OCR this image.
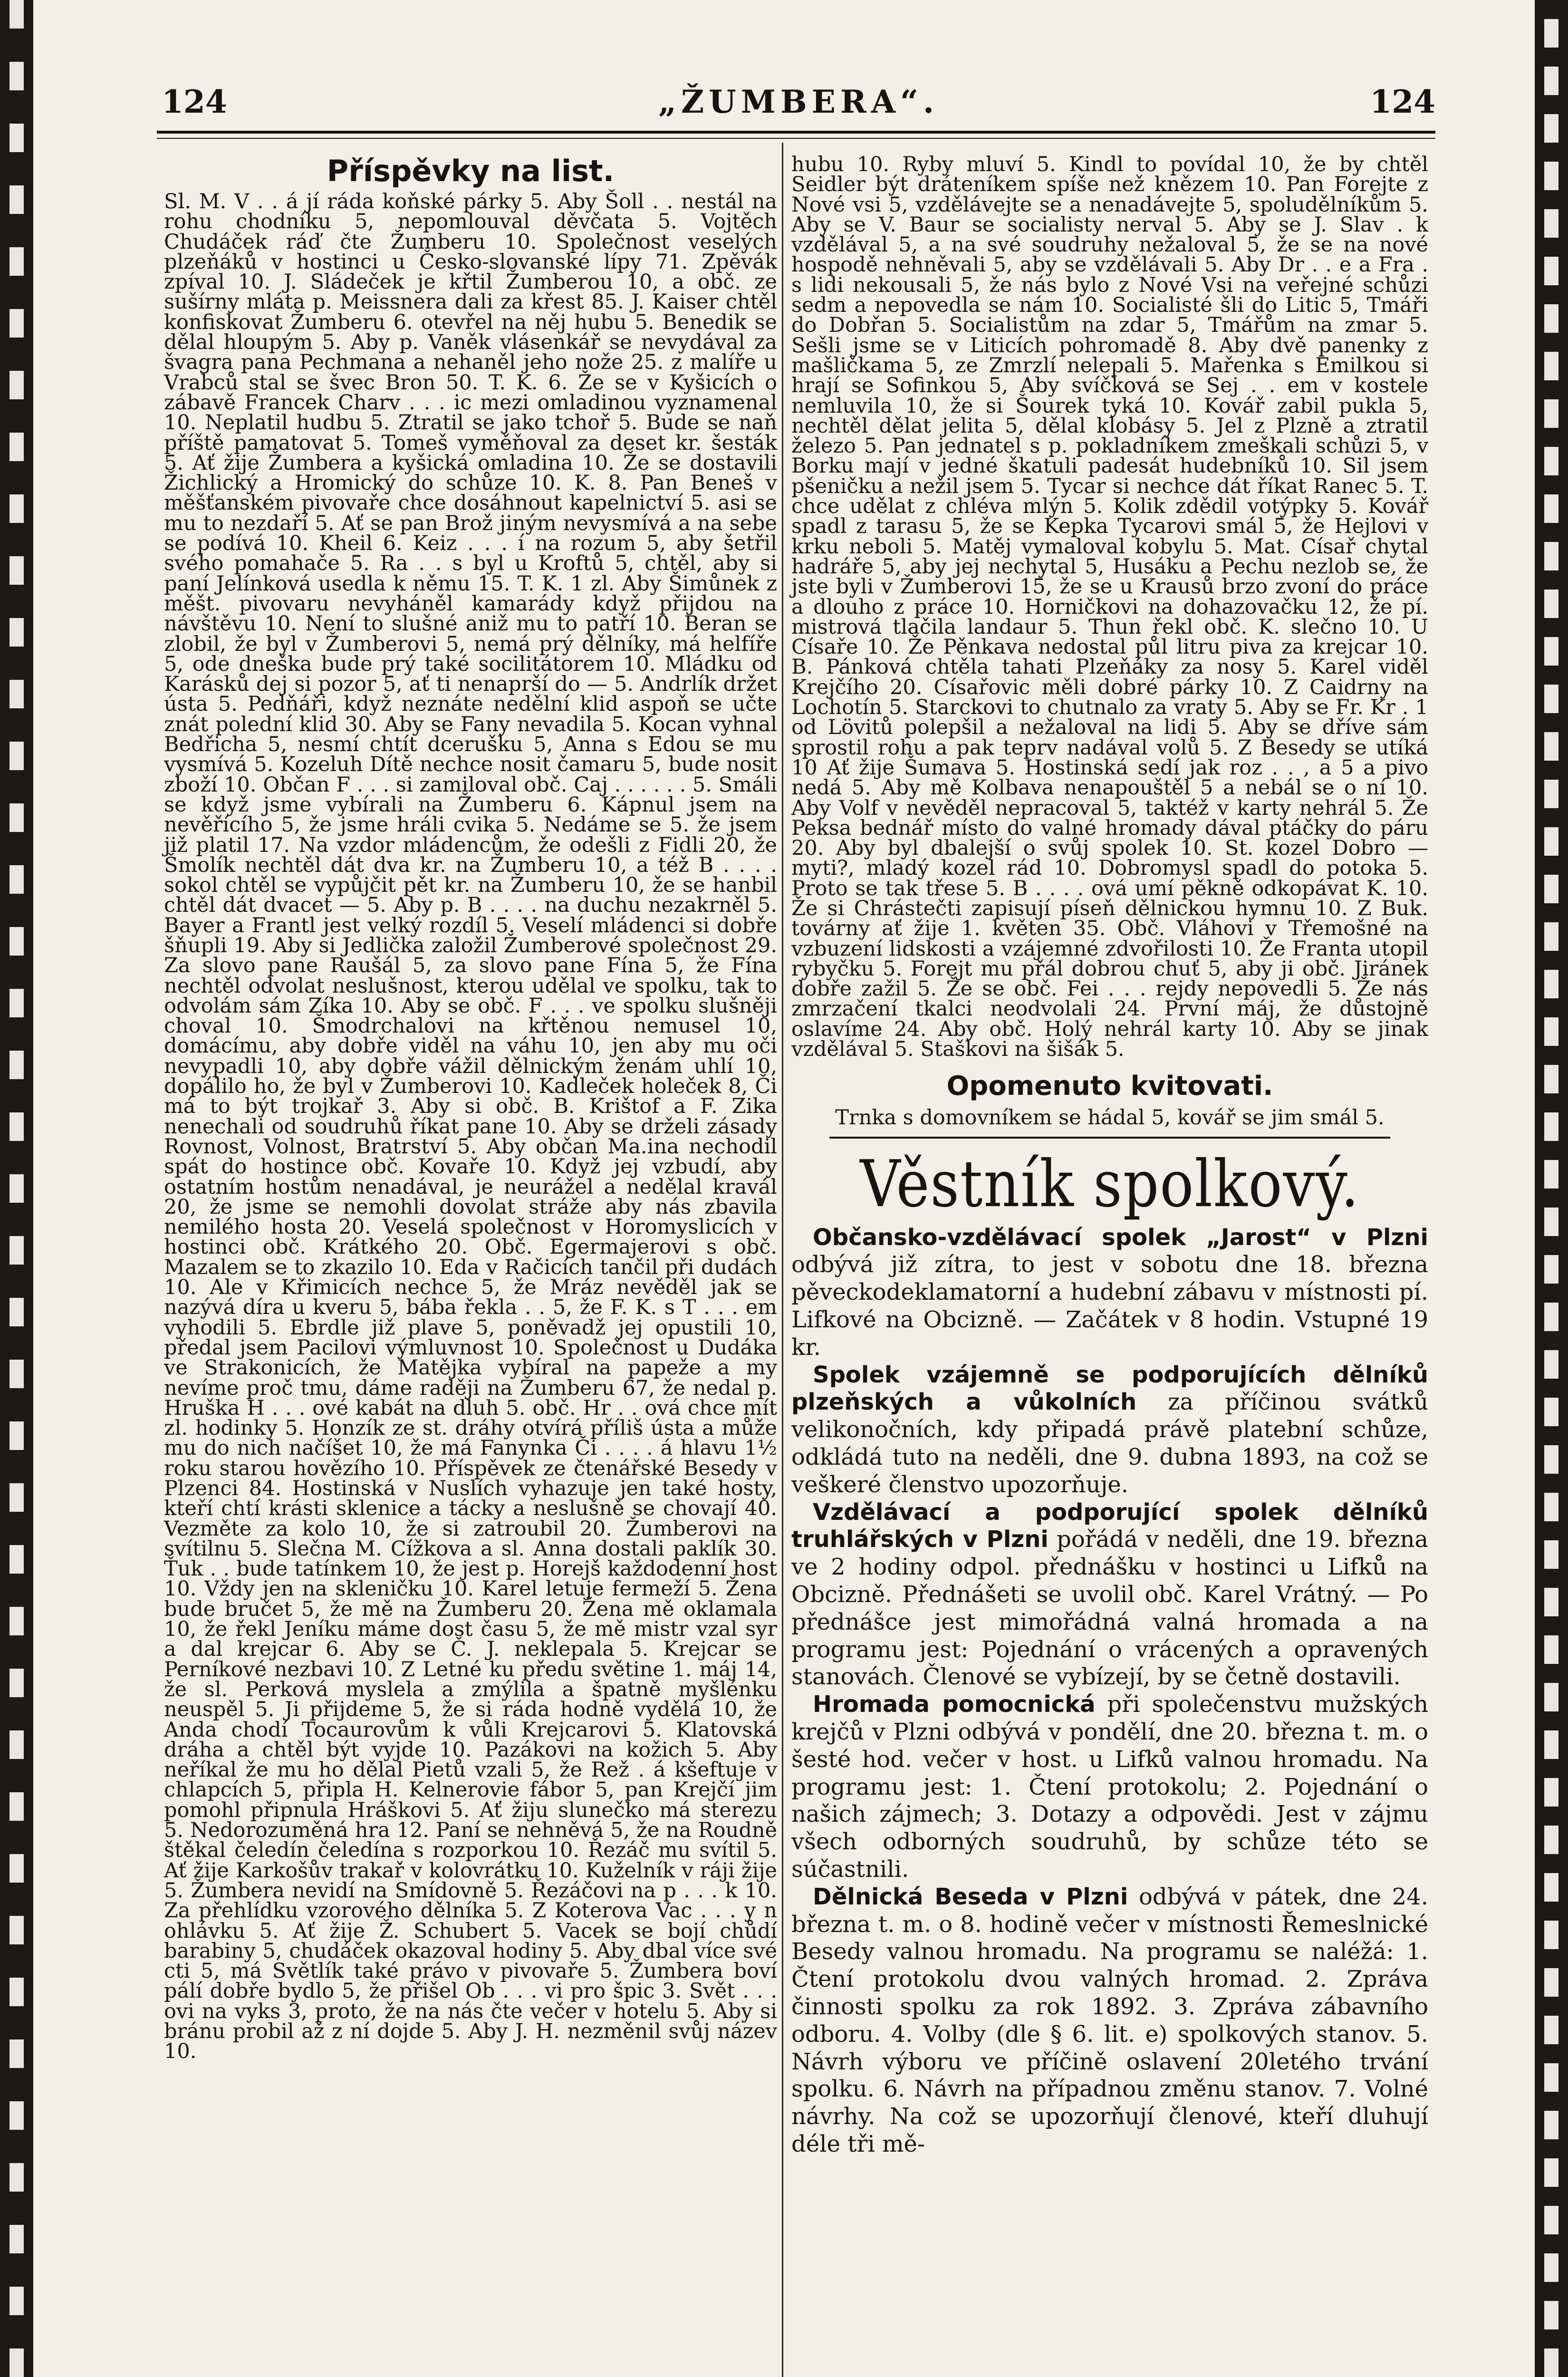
„ŽUMBERA“.
124	124
Příspěvky na list.

Sl. M. V . . á jí ráda koňské párky 5. Aby Šoll . . nestál na rohu chodníku 5, nepomlouval děvčata 5. Vojtěch Chudáček ráď čte Žumberu 10. Společnost veselých plzeňáků v hostinci u Česko-slovanské lípy 71. Zpěvák zpíval 10. J. Sládeček je křtil Žumberou 10, a obč. ze sušírny mláta p. Meissnera dali za křest 85. J. Kaiser chtěl konfiskovat Žumberu 6. otevřel na něj hubu 5. Benedik se dělal hloupým 5. Aby p. Vaněk vlásenkář se nevydával za švagra pana Pechmana a nehaněl jeho nože 25. z malíře u Vrabců stal se švec Bron 50. T. K. 6. Že se v Kyšicích o zábavě Francek Charv . . . ic mezi omladinou vyznamenal 10. Neplatil hudbu 5. Ztratil se jako tchoř 5. Bude se naň příště pamatovat 5. Tomeš vyměňoval za deset kr. šesták 5. Ať žije Žumbera a kyšická omladina 10. Že se dostavili Žichlický a Hromický do schůze 10. K. 8. Pan Beneš v měšťanském pivovaře chce dosáhnout kapelnictví 5. asi se mu to nezdaří 5. Ať se pan Brož jiným nevysmívá a na sebe se podívá 10. Kheil 6. Keiz . . . í na rozum 5, aby šetřil svého pomahače 5. Ra . . s byl u Kroftů 5, chtěl, aby si paní Jelínková usedla k němu 15. T. K. 1 zl. Aby Šimůnek z měšt. pivovaru nevyháněl kamarády když přijdou na návštěvu 10. Není to slušné aniž mu to patří 10. Beran se zlobil, že byl v Žumberovi 5, nemá prý dělníky, má helfíře 5, ode dneška bude prý také socilitátorem 10. Mládku od Karásků dej si pozor 5, ať ti nenaprší do — 5. Andrlík držet ústa 5. Pedňáři, když neznáte nedělní klid aspoň se učte znát polední klid 30. Aby se Fany nevadila 5. Kocan vyhnal Bedřicha 5, nesmí chtít dcerušku 5, Anna s Edou se mu vysmívá 5. Kozeluh Dítě nechce nosit čamaru 5, bude nosit zboží 10. Občan F . . . si zamiloval obč. Caj . . . . . . 5. Smáli se když jsme vybírali na Žumberu 6. Kápnul jsem na nevěřícího 5, že jsme hráli cvika 5. Nedáme se 5. že jsem již platil 17. Na vzdor mládencům, že odešli z Fidli 20, že Šmolík nechtěl dát dva kr. na Žumberu 10, a též B . . . . sokol chtěl se vypůjčit pět kr. na Žumberu 10, že se hanbil chtěl dát dvacet — 5. Aby p. B . . . . na duchu nezakrněl 5. Bayer a Frantl jest velký rozdíl 5. Veselí mládenci si dobře šňupli 19. Aby si Jedlička založil Žumberové společnost 29. Za slovo pane Raušál 5, za slovo pane Fína 5, že Fína nechtěl odvolat neslušnost, kterou udělal ve spolku, tak to odvolám sám Zíka 10. Aby se obč. F . . . ve spolku slušněji choval 10. Šmodrchalovi na křtěnou nemusel 10, domácímu, aby dobře viděl na váhu 10, jen aby mu oči nevypadli 10, aby dobře vážil dělnickým ženám uhlí 10, dopálilo ho, že byl v Žumberovi 10. Kadleček holeček 8, Či má to být trojkař 3. Aby si obč. B. Krištof a F. Zika nenechali od soudruhů říkat pane 10. Aby se drželi zásady Rovnost, Volnost, Bratrství 5. Aby občan Ma.ina nechodil spát do hostince obč. Kovaře 10. Když jej vzbudí, aby ostatním hostům nenadával, je neurážel a nedělal kravál 20, že jsme se nemohli dovolat stráže aby nás zbavila nemilého hosta 20. Veselá společnost v Horomyslicích v hostinci obč. Krátkého 20. Obč. Egermajerovi s obč. Mazalem se to zkazilo 10. Eda v Račicích tančil při dudách 10. Ale v Křimicích nechce 5, že Mráz nevěděl jak se nazývá díra u kveru 5, bába řekla . . 5, že F. K. s T . . . em vyhodili 5. Ebrdle již plave 5, poněvadž jej opustili 10, předal jsem Pacilovi výmluvnost 10. Společnost u Dudáka ve Strakonicích, že Matějka vybíral na papeže a my nevíme proč tmu, dáme raději na Žumberu 67, že nedal p. Hruška H . . . ové kabát na dluh 5. obč. Hr . . ová chce mít zl. hodinky 5. Honzík ze st. dráhy otvírá příliš ústa a může mu do nich načíšet 10, že má Fanynka Či . . . . á hlavu 1½ roku starou hovězího 10. Příspěvek ze čtenářské Besedy v Plzenci 84. Hostinská v Nuslích vyhazuje jen také hosty, kteří chtí krásti sklenice a tácky a neslušně se chovají 40. Vezměte za kolo 10, že si zatroubil 20. Žumberovi na svítilnu 5. Slečna M. Cížkova a sl. Anna dostali paklík 30. Ťuk . . bude tatínkem 10, že jest p. Horejš každodenní host 10. Vždy jen na skleničku 10. Karel letuje fermeží 5. Žena bude bručet 5, že mě na Žumberu 20. Žena mě oklamala 10, že řekl Jeníku máme dost času 5, že mě mistr vzal syr a dal krejcar 6. Aby se Č. J. neklepala 5. Krejcar se Perníkové nezbavi 10. Z Letné ku předu světine 1. máj 14, že sl. Perková myslela a zmýlila a špatně myšlénku neuspěl 5. Ji přijdeme 5, že si ráda hodně vydělá 10, že Anda chodí Tocaurovům k vůli Krejcarovi 5. Klatovská dráha a chtěl být vyjde 10. Pazákovi na kožich 5. Aby neříkal že mu ho dělal Pietů vzali 5, že Rež . á kšeftuje v chlapcích 5, připla H. Kelnerovie fábor 5, pan Krejčí jim pomohl připnula Hráškovi 5. Ať žiju slunečko má sterezu 5. Nedorozuměná hra 12. Paní se nehněvá 5, že na Roudně štěkal čeledín čeledína s rozporkou 10. Řezáč mu svítil 5. Ať žije Karkošův trakař v kolovrátku 10. Kuželník v ráji žije 5. Žumbera nevidí na Smídovně 5. Řezáčovi na p . . . k 10. Za přehlídku vzorového dělníka 5. Z Koterova Vac . . . y n ohlávku 5. Ať žije Ž. Schubert 5. Vacek se bojí chůdí barabiny 5, chudáček okazoval hodiny 5. Aby dbal více své cti 5, má Světlík také právo v pivovaře 5. Žumbera boví pálí dobře bydlo 5, že přišel Ob . . . vi pro špic 3. Svět . . . ovi na vyks 3, proto, že na nás čte večer v hotelu 5. Aby si bránu probil až z ní dojde 5. Aby J. H. nezměnil svůj název 10.

hubu 10. Ryby mluví 5. Kindl to povídal 10, že by chtěl Seidler být dráteníkem spíše než knězem 10. Pan Forejte z Nové vsi 5, vzdělávejte se a nenadávejte 5, spoludělníkům 5. Aby se V. Baur se socialisty nerval 5. Aby se J. Slav . k vzdělával 5, a na své soudruhy nežaloval 5, že se na nové hospodě nehněvali 5, aby se vzdělávali 5. Aby Dr . . e a Fra . s lidi nekousali 5, že nás bylo z Nové Vsi na veřejné schůzi sedm a nepovedla se nám 10. Socialisté šli do Litic 5, Tmáři do Dobřan 5. Socialistům na zdar 5, Tmářům na zmar 5. Sešli jsme se v Liticích pohromadě 8. Aby dvě panenky z mašličkama 5, ze Zmrzlí nelepali 5. Mařenka s Emilkou si hrají se Sofinkou 5, Aby svíčková se Sej . . em v kostele nemluvila 10, že si Šourek tyká 10. Kovář zabil pukla 5, nechtěl dělat jelita 5, dělal klobásy 5. Jel z Plzně a ztratil železo 5. Pan jednatel s p. pokladníkem zmeškali schůzi 5, v Borku mají v jedné škatuli padesát hudebníků 10. Sil jsem pšeničku a nežil jsem 5. Tycar si nechce dát říkat Ranec 5. T. chce udělat z chléva mlýn 5. Kolik zdědil votýpky 5. Kovář spadl z tarasu 5, že se Kepka Tycarovi smál 5, že Hejlovi v krku neboli 5. Matěj vymaloval kobylu 5. Mat. Císař chytal hadráře 5, aby jej nechytal 5, Husáku a Pechu nezlob se, že jste byli v Žumberovi 15, že se u Krausů brzo zvoní do práce a dlouho z práce 10. Horničkovi na dohazovačku 12, že pí. mistrová tlačila landaur 5. Thun řekl obč. K. slečno 10. U Císaře 10. Že Pěnkava nedostal půl litru piva za krejcar 10. B. Pánková chtěla tahati Plzeňáky za nosy 5. Karel viděl Krejčího 20. Císařovic měli dobré párky 10. Z Caidrny na Lochotín 5. Starckovi to chutnalo za vraty 5. Aby se Fr. Kr . 1 od Lövitů polepšil a nežaloval na lidi 5. Aby se dříve sám sprostil rohu a pak teprv nadával volů 5. Z Besedy se utíká 10 Ať žije Šumava 5. Hostinská sedí jak roz . . , a 5 a pivo nedá 5. Aby mě Kolbava nenapouštěl 5 a nebál se o ní 10. Aby Volf v nevěděl nepracoval 5, taktéž v karty nehrál 5. Že Peksa bednář místo do valné hromady dával ptáčky do páru 20. Aby byl dbalejší o svůj spolek 10. St. kozel Dobro — myti?, mladý kozel rád 10. Dobromysl spadl do potoka 5. Proto se tak třese 5. B . . . . ová umí pěkně odkopávat K. 10. Že si Chrástečti zapisují píseň dělnickou hymnu 10. Z Buk. továrny ať žije 1. květen 35. Obč. Vláhovi v Třemošné na vzbuzení lidskosti a vzájemné zdvořilosti 10. Že Franta utopil rybyčku 5. Forejt mu přál dobrou chuť 5, aby ji obč. Jiránek dobře zažil 5. Že se obč. Fei . . . rejdy nepovedli 5. Že nás zmrzačení tkalci neodvolali 24. První máj, že důstojně oslavíme 24. Aby obč. Holý nehrál karty 10. Aby se jinak vzdělával 5. Staškovi na šišák 5.

Opomenuto kvitovati.

Trnka s domovníkem se hádal 5, kovář se jim smál 5.

Věstník spolkový.

Občansko-vzdělávací spolek „Jarost“ v Plzni odbývá již zítra, to jest v sobotu dne 18. března pěveckodeklamatorní a hudební zábavu v místnosti pí. Lifkové na Obcizně. — Začátek v 8 hodin. Vstupné 19 kr.

Spolek vzájemně se podporujících dělníků plzeňských a vůkolních za příčinou svátků velikonočních, kdy připadá právě platební schůze, odkládá tuto na neděli, dne 9. dubna 1893, na což se veškeré členstvo upozorňuje.

Vzdělávací a podporující spolek dělníků truhlářských v Plzni pořádá v neděli, dne 19. března ve 2 hodiny odpol. přednášku v hostinci u Lifků na Obcizně. Přednášeti se uvolil obč. Karel Vrátný. — Po přednášce jest mimořádná valná hromada a na programu jest: Pojednání o vrácených a opravených stanovách. Členové se vybízejí, by se četně dostavili.

Hromada pomocnická při společenstvu mužských krejčů v Plzni odbývá v pondělí, dne 20. března t. m. o šesté hod. večer v host. u Lifků valnou hromadu. Na programu jest: 1. Čtení protokolu; 2. Pojednání o našich zájmech; 3. Dotazy a odpovědi. Jest v zájmu všech odborných soudruhů, by schůze této se súčastnili.

Dělnická Beseda v Plzni odbývá v pátek, dne 24. března t. m. o 8. hodině večer v místnosti Řemeslnické Besedy valnou hromadu. Na programu se naléžá: 1. Čtení protokolu dvou valných hromad. 2. Zpráva činnosti spolku za rok 1892. 3. Zpráva zábavního odboru. 4. Volby (dle § 6. lit. e) spolkových stanov. 5. Návrh výboru ve příčině oslavení 20letého trvání spolku. 6. Návrh na případnou změnu stanov. 7. Volné návrhy. Na což se upozorňují členové, kteří dluhují déle tři mě-
